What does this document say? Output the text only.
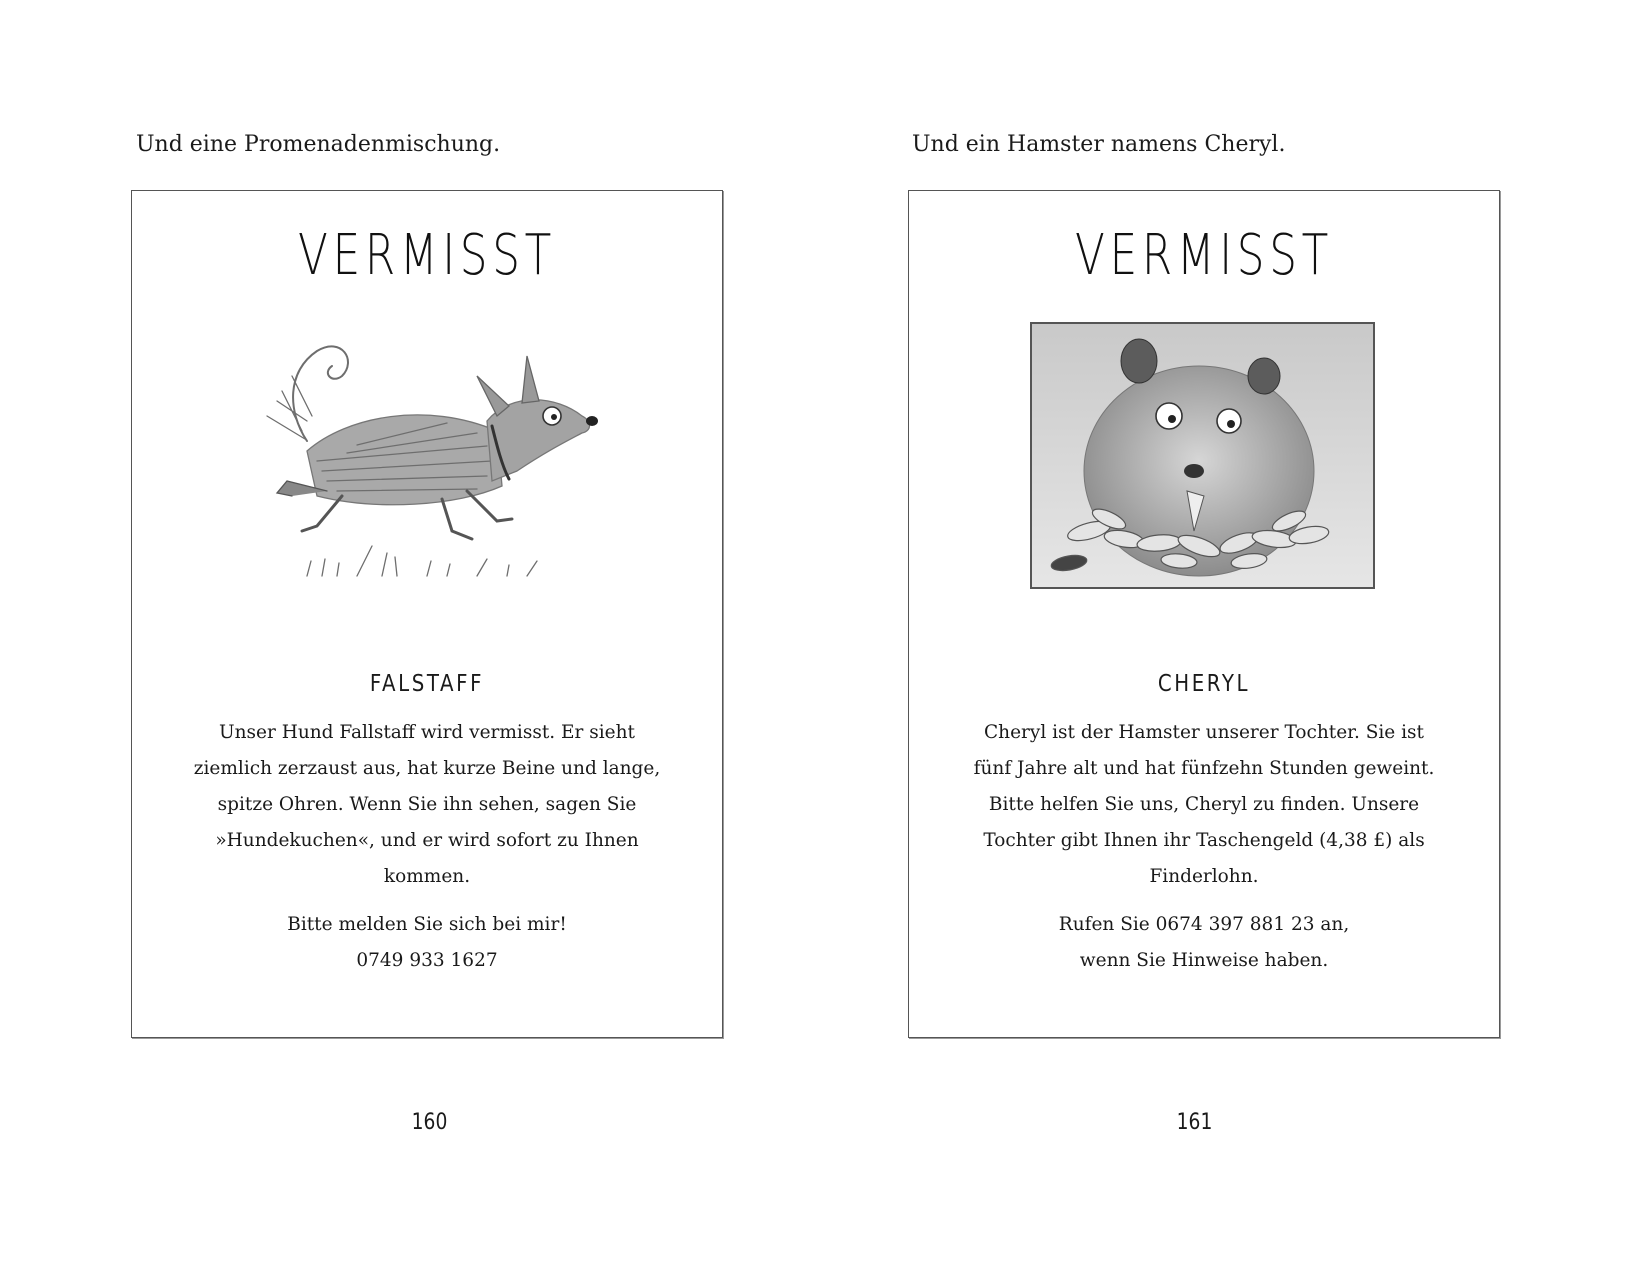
Und eine Promenadenmischung.

VERMISST
FALSTAFF

Unser Hund Fallstaff wird vermisst. Er sieht ziemlich zerzaust aus, hat kurze Beine und lange, spitze Ohren. Wenn Sie ihn sehen, sagen Sie »Hundekuchen«, und er wird sofort zu Ihnen kommen.

Bitte melden Sie sich bei mir!
0749 933 1627
160

Und ein Hamster namens Cheryl.

VERMISST
CHERYL

Cheryl ist der Hamster unserer Tochter. Sie ist fünf Jahre alt und hat fünfzehn Stunden geweint. Bitte helfen Sie uns, Cheryl zu finden. Unsere Tochter gibt Ihnen ihr Taschengeld (4,38 £) als Finderlohn.

Rufen Sie 0674 397 881 23 an,
wenn Sie Hinweise haben.
161
